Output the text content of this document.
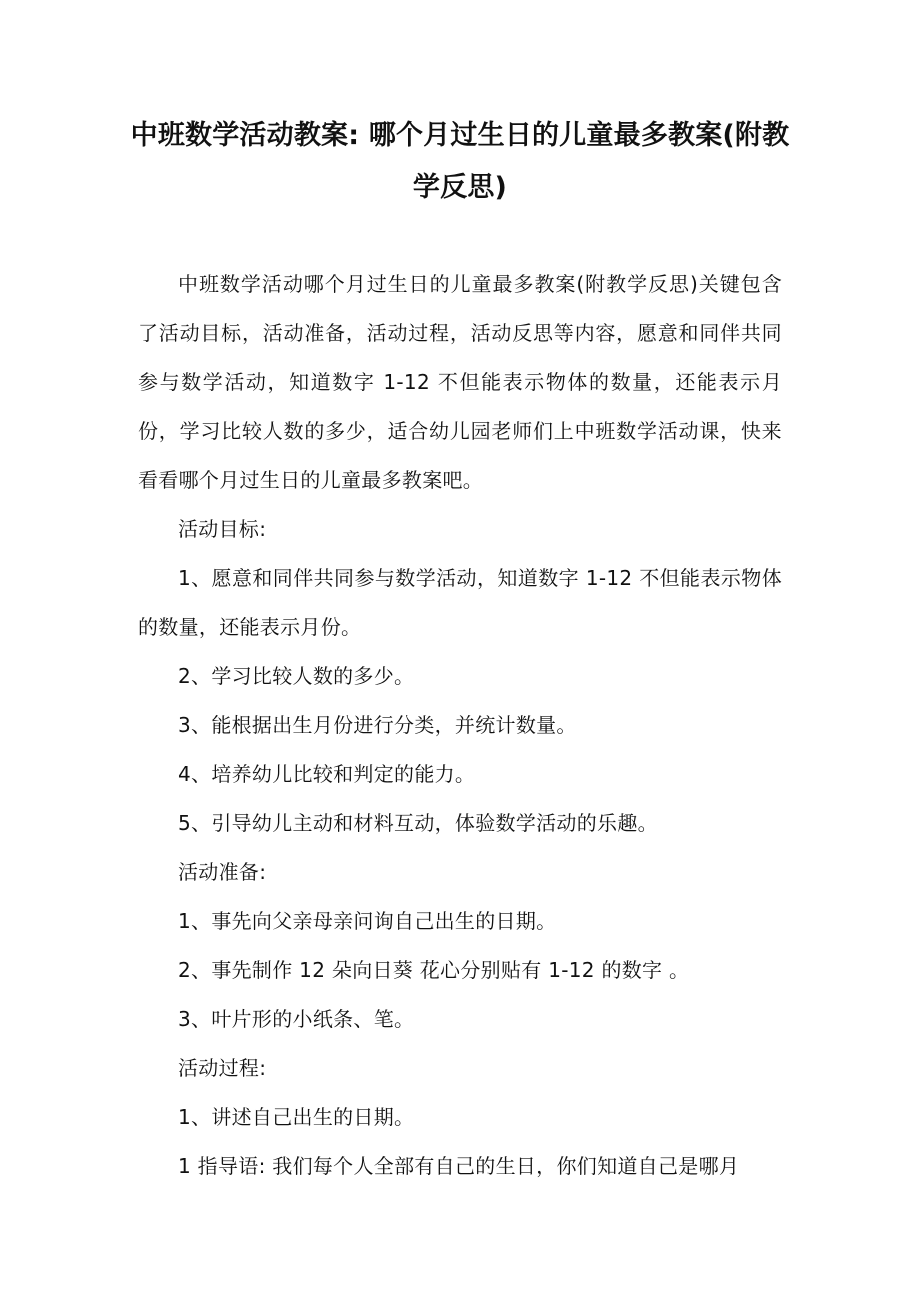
中班数学活动教案: 哪个月过生日的儿童最多教案(附教学反思)

中班数学活动哪个月过生日的儿童最多教案(附教学反思)关键包含了活动目标，活动准备，活动过程，活动反思等内容，愿意和同伴共同参与数学活动，知道数字 1-12 不但能表示物体的数量，还能表示月份，学习比较人数的多少，适合幼儿园老师们上中班数学活动课，快来看看哪个月过生日的儿童最多教案吧。

活动目标:

1、愿意和同伴共同参与数学活动，知道数字 1-12 不但能表示物体的数量，还能表示月份。

2、学习比较人数的多少。

3、能根据出生月份进行分类，并统计数量。

4、培养幼儿比较和判定的能力。

5、引导幼儿主动和材料互动，体验数学活动的乐趣。

活动准备:

1、事先向父亲母亲问询自己出生的日期。

2、事先制作 12 朵向日葵 花心分别贴有 1-12 的数字 。

3、叶片形的小纸条、笔。

活动过程:

1、讲述自己出生的日期。

1 指导语: 我们每个人全部有自己的生日，你们知道自己是哪月
